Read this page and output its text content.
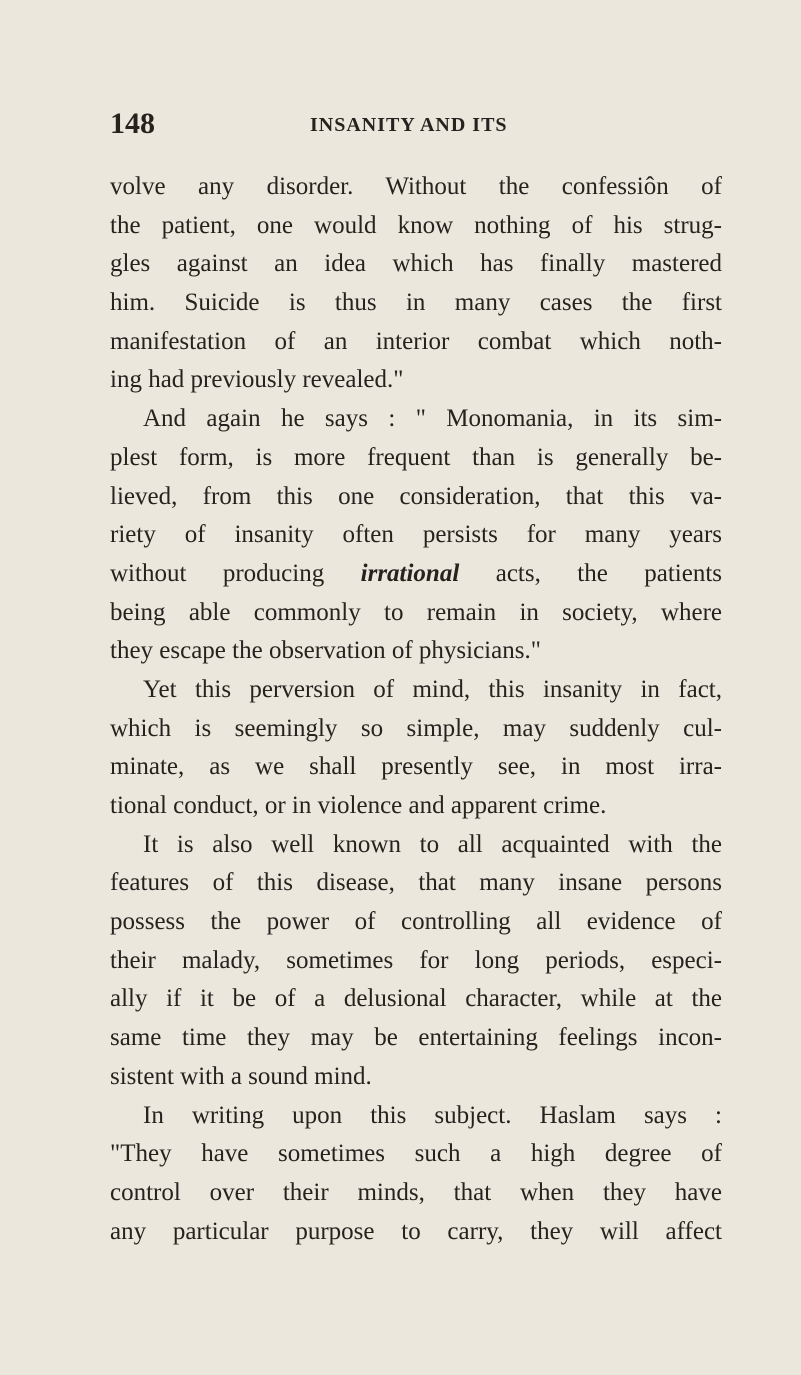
148	INSANITY AND ITS
volve any disorder. Without the confessiôn of
the patient, one would know nothing of his strug-
gles against an idea which has finally mastered
him. Suicide is thus in many cases the first
manifestation of an interior combat which noth-
ing had previously revealed."
And again he says : " Monomania, in its sim-
plest form, is more frequent than is generally be-
lieved, from this one consideration, that this va-
riety of insanity often persists for many years
without producing irrational acts, the patients
being able commonly to remain in society, where
they escape the observation of physicians."
Yet this perversion of mind, this insanity in fact,
which is seemingly so simple, may suddenly cul-
minate, as we shall presently see, in most irra-
tional conduct, or in violence and apparent crime.
It is also well known to all acquainted with the
features of this disease, that many insane persons
possess the power of controlling all evidence of
their malady, sometimes for long periods, especi-
ally if it be of a delusional character, while at the
same time they may be entertaining feelings incon-
sistent with a sound mind.
In writing upon this subject. Haslam says :
"They have sometimes such a high degree of
control over their minds, that when they have
any particular purpose to carry, they will affect
